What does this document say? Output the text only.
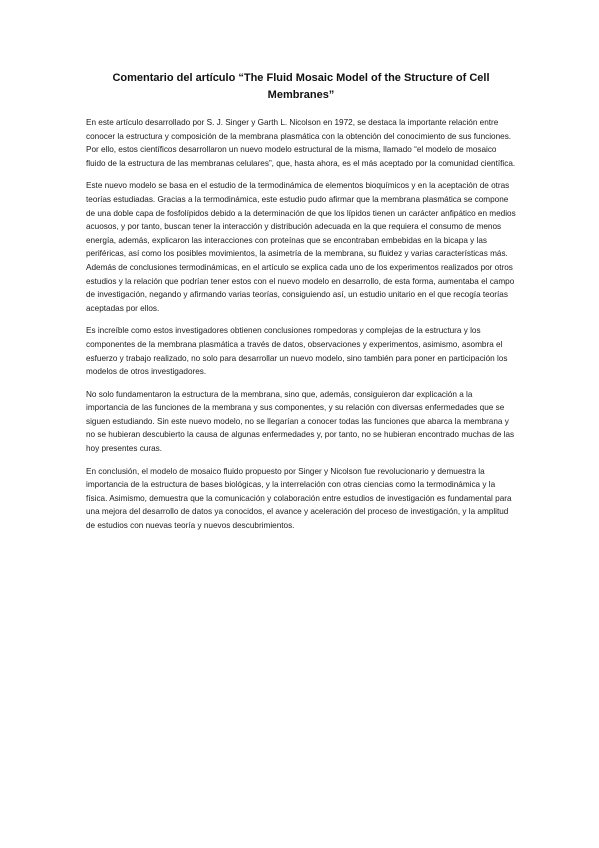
Comentario del artículo “The Fluid Mosaic Model of the Structure of Cell Membranes”

En este artículo desarrollado por S. J. Singer y Garth L. Nicolson en 1972, se destaca la importante relación entre conocer la estructura y composición de la membrana plasmática con la obtención del conocimiento de sus funciones. Por ello, estos científicos desarrollaron un nuevo modelo estructural de la misma, llamado “el modelo de mosaico fluido de la estructura de las membranas celulares”, que, hasta ahora, es el más aceptado por la comunidad científica.

Este nuevo modelo se basa en el estudio de la termodinámica de elementos bioquímicos y en la aceptación de otras teorías estudiadas. Gracias a la termodinámica, este estudio pudo afirmar que la membrana plasmática se compone de una doble capa de fosfolípidos debido a la determinación de que los lípidos tienen un carácter anfipático en medios acuosos, y por tanto, buscan tener la interacción y distribución adecuada en la que requiera el consumo de menos energía, además, explicaron las interacciones con proteínas que se encontraban embebidas en la bicapa y las periféricas, así como los posibles movimientos, la asimetría de la membrana, su fluidez y varias características más. Además de conclusiones termodinámicas, en el artículo se explica cada uno de los experimentos realizados por otros estudios y la relación que podrían tener estos con el nuevo modelo en desarrollo, de esta forma, aumentaba el campo de investigación, negando y afirmando varias teorías, consiguiendo así, un estudio unitario en el que recogía teorías aceptadas por ellos.

Es increíble como estos investigadores obtienen conclusiones rompedoras y complejas de la estructura y los componentes de la membrana plasmática a través de datos, observaciones y experimentos, asimismo, asombra el esfuerzo y trabajo realizado, no solo para desarrollar un nuevo modelo, sino también para poner en participación los modelos de otros investigadores.

No solo fundamentaron la estructura de la membrana, sino que, además, consiguieron dar explicación a la importancia de las funciones de la membrana y sus componentes, y su relación con diversas enfermedades que se siguen estudiando. Sin este nuevo modelo, no se llegarían a conocer todas las funciones que abarca la membrana y no se hubieran descubierto la causa de algunas enfermedades y, por tanto, no se hubieran encontrado muchas de las hoy presentes curas.

En conclusión, el modelo de mosaico fluido propuesto por Singer y Nicolson fue revolucionario y demuestra la importancia de la estructura de bases biológicas, y la interrelación con otras ciencias como la termodinámica y la física. Asimismo, demuestra que la comunicación y colaboración entre estudios de investigación es fundamental para una mejora del desarrollo de datos ya conocidos, el avance y aceleración del proceso de investigación, y la amplitud de estudios con nuevas teoría y nuevos descubrimientos.
